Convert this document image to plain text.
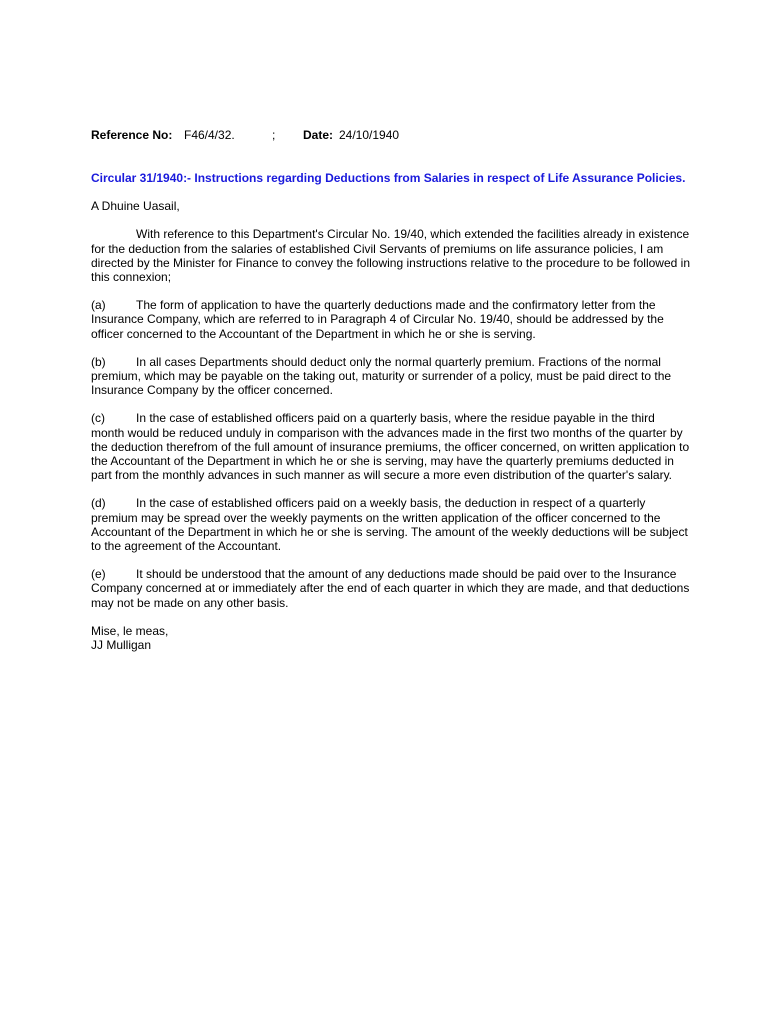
Reference No: F46/4/32.	; Date: 24/10/1940
Circular 31/1940:- Instructions regarding Deductions from Salaries in respect of Life Assurance Policies.
A Dhuine Uasail,
With reference to this Department's Circular No. 19/40, which extended the facilities already in existence for the deduction from the salaries of established Civil Servants of premiums on life assurance policies, I am directed by the Minister for Finance to convey the following instructions relative to the procedure to be followed in this connexion;
(a)	The form of application to have the quarterly deductions made and the confirmatory letter from the Insurance Company, which are referred to in Paragraph 4 of Circular No. 19/40, should be addressed by the officer concerned to the Accountant of the Department in which he or she is serving.
(b)	In all cases Departments should deduct only the normal quarterly premium. Fractions of the normal premium, which may be payable on the taking out, maturity or surrender of a policy, must be paid direct to the Insurance Company by the officer concerned.
(c)	In the case of established officers paid on a quarterly basis, where the residue payable in the third month would be reduced unduly in comparison with the advances made in the first two months of the quarter by the deduction therefrom of the full amount of insurance premiums, the officer concerned, on written application to the Accountant of the Department in which he or she is serving, may have the quarterly premiums deducted in part from the monthly advances in such manner as will secure a more even distribution of the quarter's salary.
(d)	In the case of established officers paid on a weekly basis, the deduction in respect of a quarterly premium may be spread over the weekly payments on the written application of the officer concerned to the Accountant of the Department in which he or she is serving. The amount of the weekly deductions will be subject to the agreement of the Accountant.
(e)	It should be understood that the amount of any deductions made should be paid over to the Insurance Company concerned at or immediately after the end of each quarter in which they are made, and that deductions may not be made on any other basis.
Mise, le meas,
JJ Mulligan
